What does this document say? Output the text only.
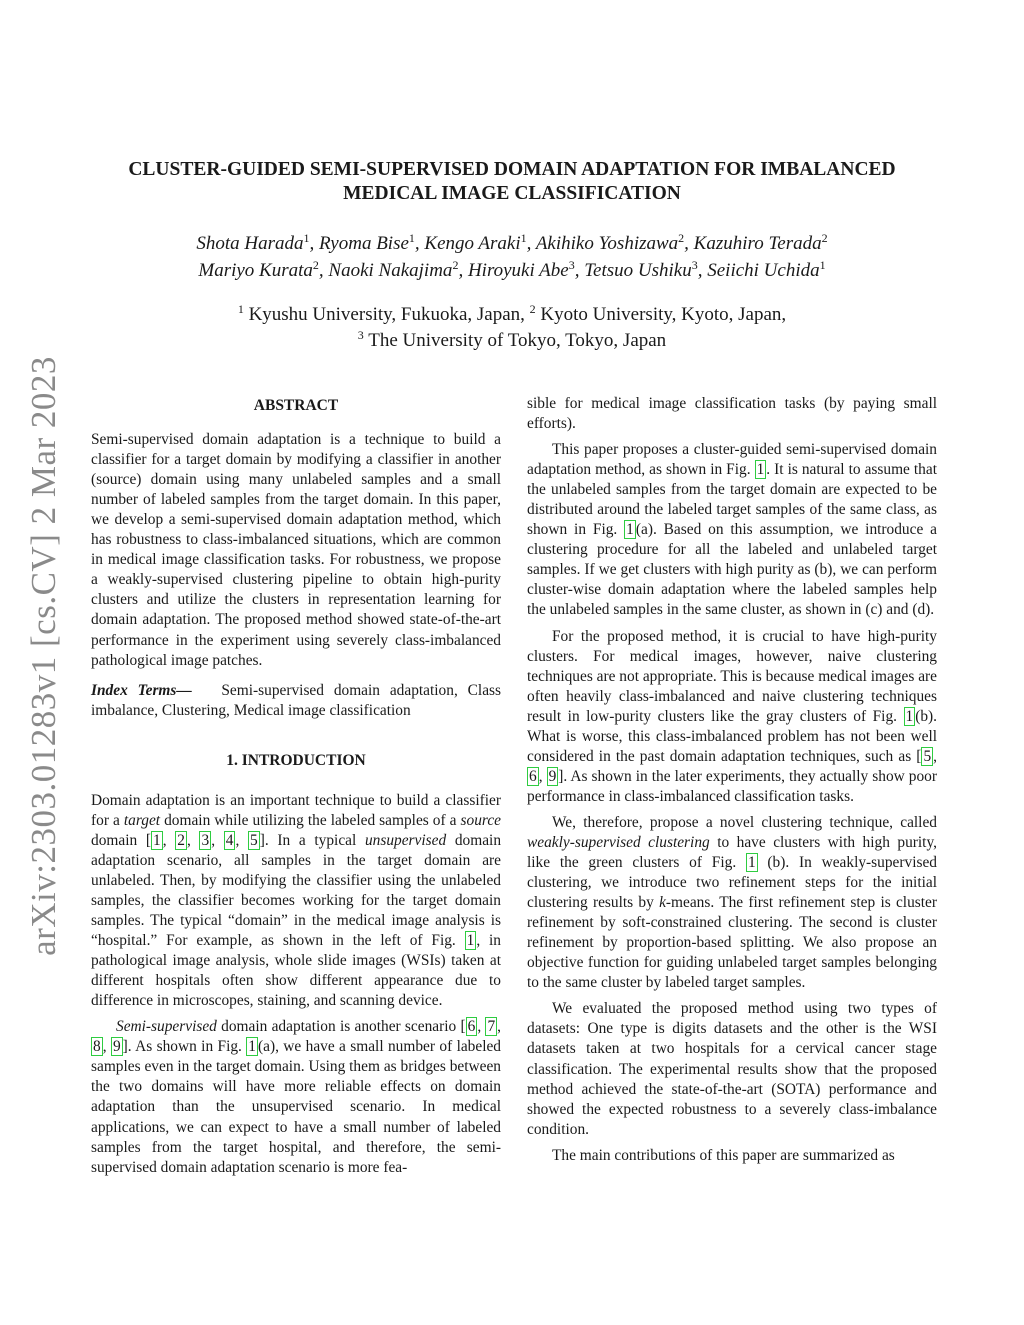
arXiv:2303.01283v1 [cs.CV] 2 Mar 2023
CLUSTER-GUIDED SEMI-SUPERVISED DOMAIN ADAPTATION FOR IMBALANCED
MEDICAL IMAGE CLASSIFICATION
Shota Harada$^1$, Ryoma Bise$^1$, Kengo Araki$^1$, Akihiko Yoshizawa$^2$, Kazuhiro Terada$^2$
Mariyo Kurata$^2$, Naoki Nakajima$^2$, Hiroyuki Abe$^3$, Tetsuo Ushiku$^3$, Seiichi Uchida$^1$
$^1$ Kyushu University, Fukuoka, Japan, $^2$ Kyoto University, Kyoto, Japan,
$^3$ The University of Tokyo, Tokyo, Japan
ABSTRACT

Semi-supervised domain adaptation is a technique to build a classifier for a target domain by modifying a classifier in another (source) domain using many unlabeled samples and a small number of labeled samples from the target domain. In this paper, we develop a semi-supervised domain adaptation method, which has robustness to class-imbalanced situations, which are common in medical image classification tasks. For robustness, we propose a weakly-supervised clustering pipeline to obtain high-purity clusters and utilize the clusters in representation learning for domain adaptation. The proposed method showed state-of-the-art performance in the experiment using severely class-imbalanced pathological image patches.

Index Terms— Semi-supervised domain adaptation, Class imbalance, Clustering, Medical image classification

1. INTRODUCTION

Domain adaptation is an important technique to build a classifier for a target domain while utilizing the labeled samples of a source domain [ 1 , 2 , 3 , 4 , 5 ]. In a typical unsupervised domain adaptation scenario, all samples in the target domain are unlabeled. Then, by modifying the classifier using the unlabeled samples, the classifier becomes working for the target domain samples. The typical “domain” in the medical image analysis is “hospital.” For example, as shown in the left of Fig. 1 , in pathological image analysis, whole slide images (WSIs) taken at different hospitals often show different appearance due to difference in microscopes, staining, and scanning device.

Semi-supervised domain adaptation is another scenario [ 6 , 7 , 8 , 9 ]. As shown in Fig. 1 (a), we have a small number of labeled samples even in the target domain. Using them as bridges between the two domains will have more reliable effects on domain adaptation than the unsupervised scenario. In medical applications, we can expect to have a small number of labeled samples from the target hospital, and therefore, the semi-supervised domain adaptation scenario is more fea-

sible for medical image classification tasks (by paying small efforts).

This paper proposes a cluster-guided semi-supervised domain adaptation method, as shown in Fig. 1 . It is natural to assume that the unlabeled samples from the target domain are expected to be distributed around the labeled target samples of the same class, as shown in Fig. 1 (a). Based on this assumption, we introduce a clustering procedure for all the labeled and unlabeled target samples. If we get clusters with high purity as (b), we can perform cluster-wise domain adaptation where the labeled samples help the unlabeled samples in the same cluster, as shown in (c) and (d).

For the proposed method, it is crucial to have high-purity clusters. For medical images, however, naive clustering techniques are not appropriate. This is because medical images are often heavily class-imbalanced and naive clustering techniques result in low-purity clusters like the gray clusters of Fig. 1 (b). What is worse, this class-imbalanced problem has not been well considered in the past domain adaptation techniques, such as [ 5 , 6 , 9 ]. As shown in the later experiments, they actually show poor performance in class-imbalanced classification tasks.

We, therefore, propose a novel clustering technique, called weakly-supervised clustering to have clusters with high purity, like the green clusters of Fig. 1 (b). In weakly-supervised clustering, we introduce two refinement steps for the initial clustering results by k-means. The first refinement step is cluster refinement by soft-constrained clustering. The second is cluster refinement by proportion-based splitting. We also propose an objective function for guiding unlabeled target samples belonging to the same cluster by labeled target samples.

We evaluated the proposed method using two types of datasets: One type is digits datasets and the other is the WSI datasets taken at two hospitals for a cervical cancer stage classification. The experimental results show that the proposed method achieved the state-of-the-art (SOTA) performance and showed the expected robustness to a severely class-imbalance condition.

The main contributions of this paper are summarized as
